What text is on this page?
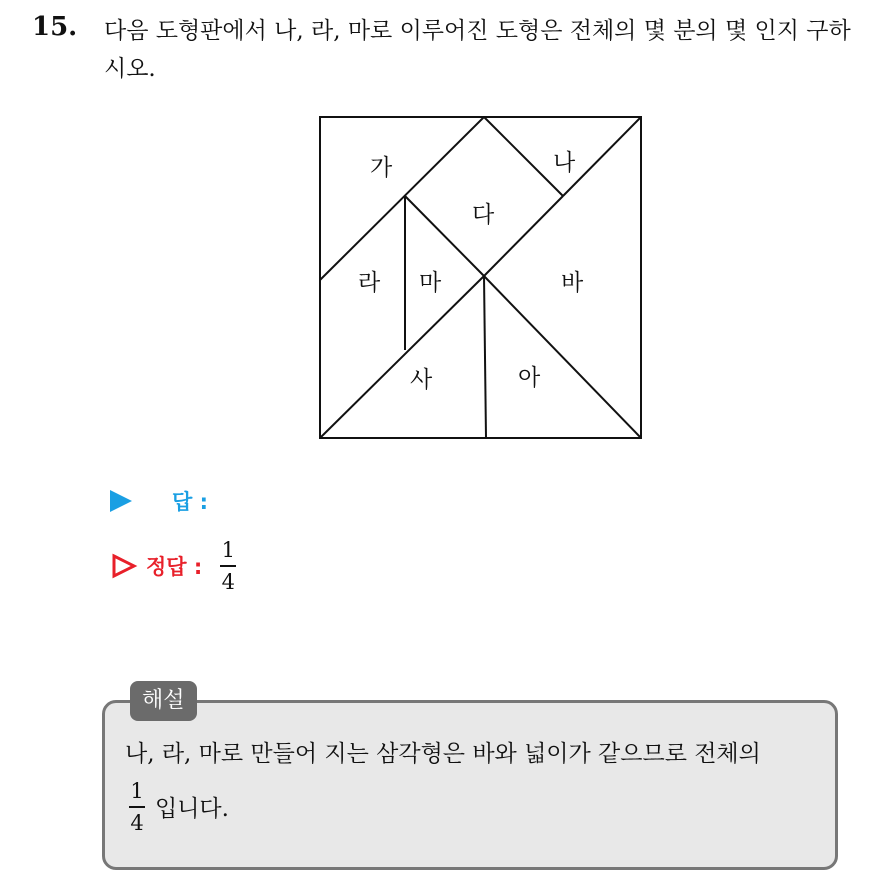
15. 다음 도형판에서 나, 라, 마로 이루어진 도형은 전체의 몇 분의 몇 인지 구하시오.
가	나
다
라 마	바
사	아
답 :
정답 : $\frac{1}{4}$
해설
나, 라, 마로 만들어 지는 삼각형은 바와 넓이가 같으므로 전체의
$\frac{1}{4}$ 입니다.
